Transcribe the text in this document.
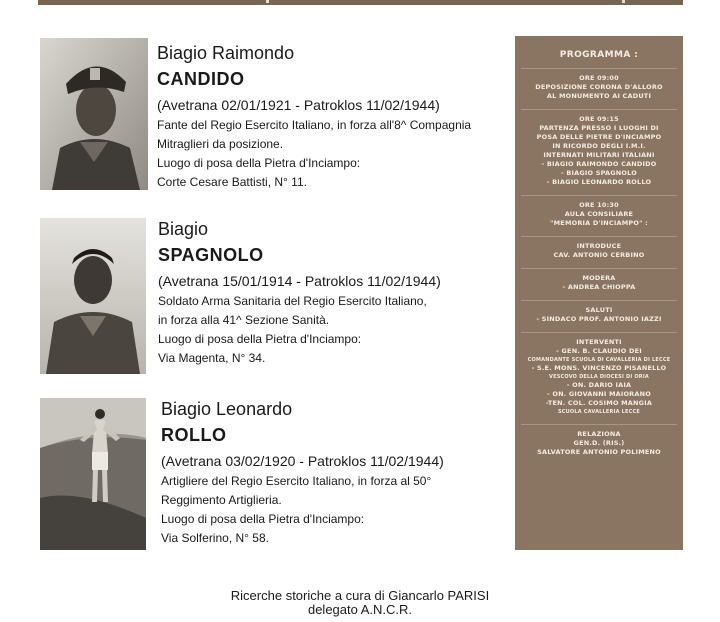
Biagio Raimondo
CANDIDO
(Avetrana 02/01/1921 - Patroklos 11/02/1944)
Fante del Regio Esercito Italiano, in forza all'8^ Compagnia
Mitraglieri da posizione.
Luogo di posa della Pietra d'Inciampo:
Corte Cesare Battisti, N° 11.
Biagio
SPAGNOLO
(Avetrana 15/01/1914 - Patroklos 11/02/1944)
Soldato Arma Sanitaria del Regio Esercito Italiano,
in forza alla 41^ Sezione Sanità.
Luogo di posa della Pietra d'Inciampo:
Via Magenta, N° 34.
Biagio Leonardo
ROLLO
(Avetrana 03/02/1920 - Patroklos 11/02/1944)
Artigliere del Regio Esercito Italiano, in forza al 50°
Reggimento Artiglieria.
Luogo di posa della Pietra d'Inciampo:
Via Solferino, N° 58.
PROGRAMMA :
ORE 09:00
DEPOSIZIONE CORONA D'ALLORO
AL MONUMENTO AI CADUTI
ORE 09:15
PARTENZA PRESSO I LUOGHI DI
POSA DELLE PIETRE D'INCIAMPO
IN RICORDO DEGLI I.M.I.
INTERNATI MILITARI ITALIANI
- BIAGIO RAIMONDO CANDIDO
- BIAGIO SPAGNOLO
- BIAGIO LEONARDO ROLLO
ORE 10:30
AULA CONSILIARE
"MEMORIA D'INCIAMPO" :
INTRODUCE
CAV. ANTONIO CERBINO
MODERA
- ANDREA CHIOPPA
SALUTI
- SINDACO PROF. ANTONIO IAZZI
INTERVENTI
- GEN. B. CLAUDIO DEI
COMANDANTE SCUOLA DI CAVALLERIA DI LECCE
- S.E. MONS. VINCENZO PISANELLO
VESCOVO DELLA DIOCESI DI ORIA
- ON. DARIO IAIA
- ON. GIOVANNI MAIORANO
-TEN. COL. COSIMO MANGIA
SCUOLA CAVALLERIA LECCE
RELAZIONA
GEN.D. (RIS.)
SALVATORE ANTONIO POLIMENO
Ricerche storiche a cura di Giancarlo PARISI
delegato A.N.C.R.
